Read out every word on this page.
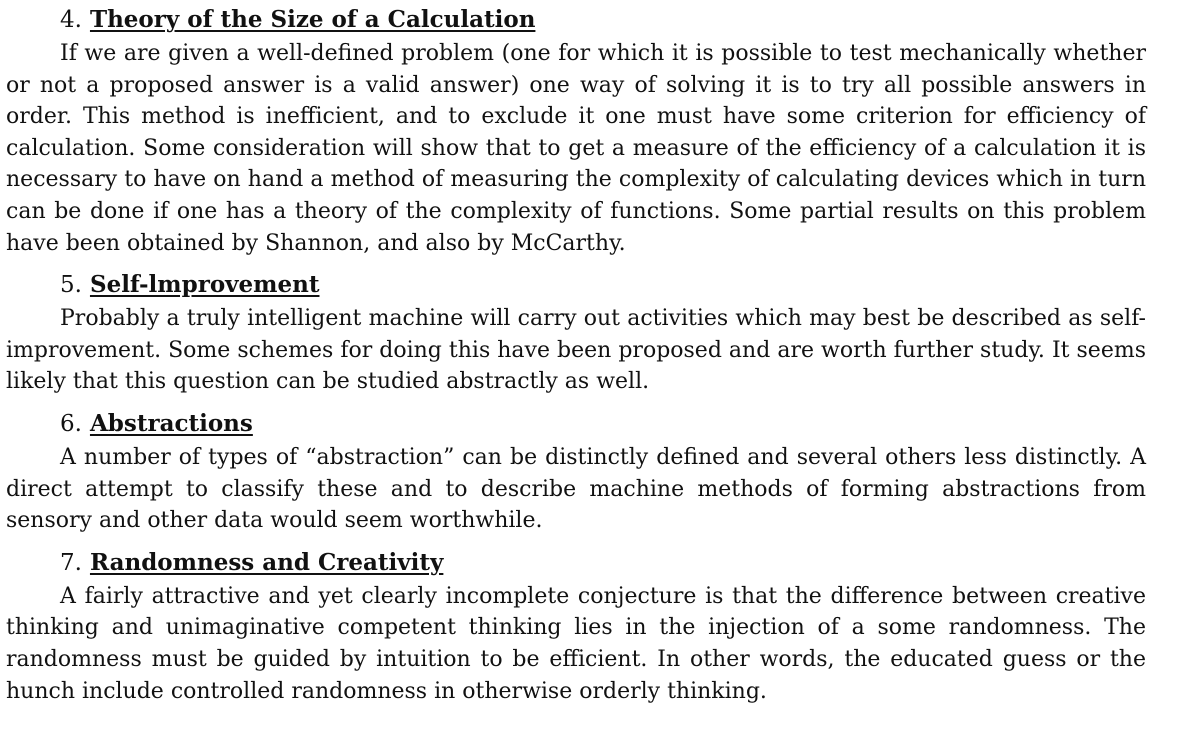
4. Theory of the Size of a Calculation

If we are given a well-defined problem (one for which it is possible to test mechanically whether or not a proposed answer is a valid answer) one way of solving it is to try all possible answers in order. This method is inefficient, and to exclude it one must have some criterion for efficiency of calculation. Some consideration will show that to get a measure of the efficiency of a calculation it is necessary to have on hand a method of measuring the complexity of calculating devices which in turn can be done if one has a theory of the complexity of functions. Some partial results on this problem have been obtained by Shannon, and also by McCarthy.

5. Self-lmprovement

Probably a truly intelligent machine will carry out activities which may best be described as self-improvement. Some schemes for doing this have been proposed and are worth further study. It seems likely that this question can be studied abstractly as well.

6. Abstractions

A number of types of “abstraction” can be distinctly defined and several others less distinctly. A direct attempt to classify these and to describe machine methods of forming abstractions from sensory and other data would seem worthwhile.

7. Randomness and Creativity

A fairly attractive and yet clearly incomplete conjecture is that the difference between creative thinking and unimaginative competent thinking lies in the injection of a some randomness. The randomness must be guided by intuition to be efficient. In other words, the educated guess or the hunch include controlled randomness in otherwise orderly thinking.
